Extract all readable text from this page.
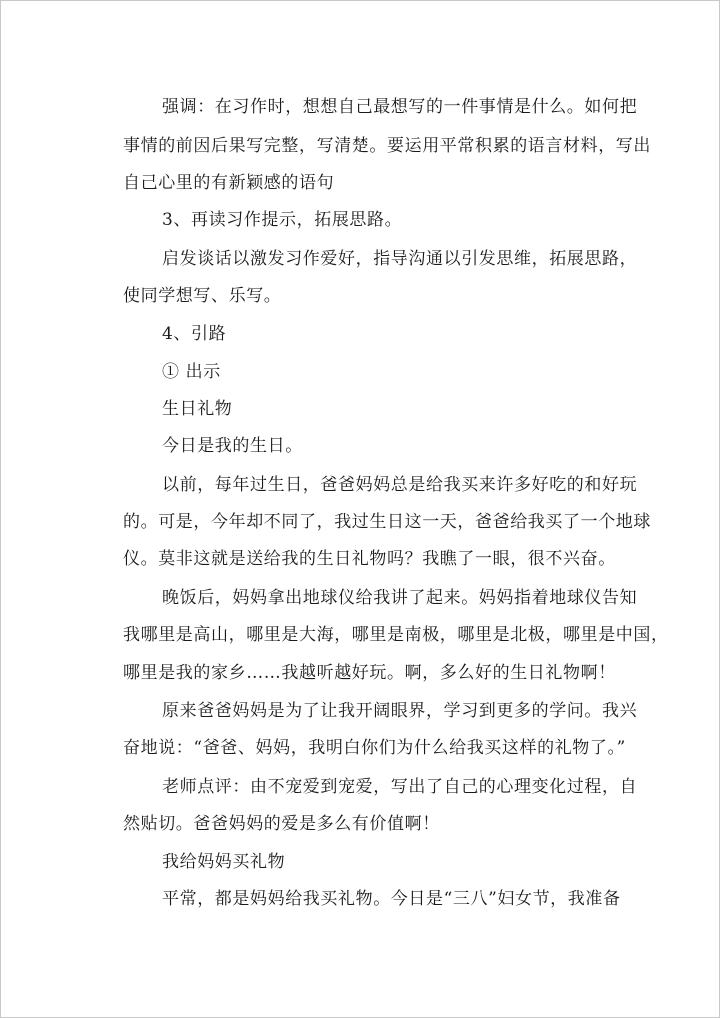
强调：在习作时，想想自己最想写的一件事情是什么。如何把
事情的前因后果写完整，写清楚。要运用平常积累的语言材料，写出
自己心里的有新颖感的语句
3、再读习作提示，拓展思路。
启发谈话以激发习作爱好，指导沟通以引发思维，拓展思路，
使同学想写、乐写。
4、引路
① 出示
生日礼物
今日是我的生日。
以前，每年过生日，爸爸妈妈总是给我买来许多好吃的和好玩
的。可是，今年却不同了，我过生日这一天，爸爸给我买了一个地球
仪。莫非这就是送给我的生日礼物吗？我瞧了一眼，很不兴奋。
晚饭后，妈妈拿出地球仪给我讲了起来。妈妈指着地球仪告知
我哪里是高山，哪里是大海，哪里是南极，哪里是北极，哪里是中国，
哪里是我的家乡……我越听越好玩。啊，多么好的生日礼物啊！
原来爸爸妈妈是为了让我开阔眼界，学习到更多的学问。我兴
奋地说：“爸爸、妈妈，我明白你们为什么给我买这样的礼物了。”
老师点评：由不宠爱到宠爱，写出了自己的心理变化过程，自
然贴切。爸爸妈妈的爱是多么有价值啊！
我给妈妈买礼物
平常，都是妈妈给我买礼物。今日是“三八”妇女节，我准备
